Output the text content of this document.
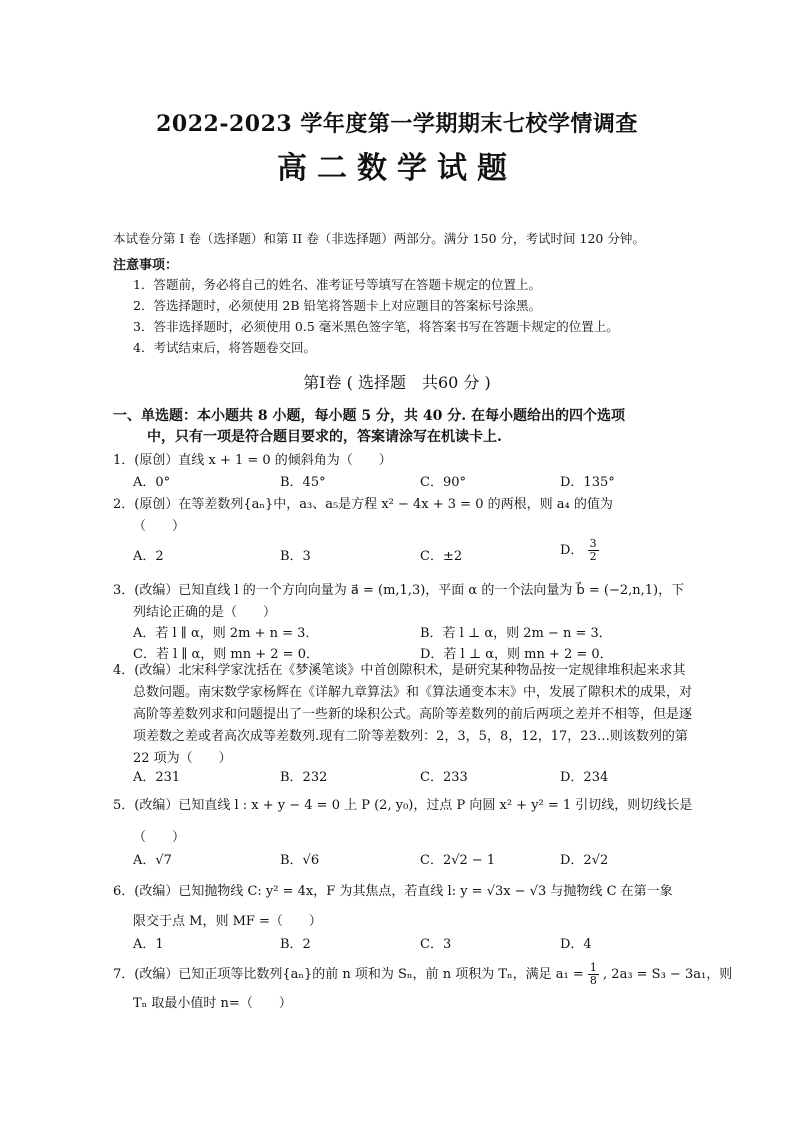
2022-2023 学年度第一学期期末七校学情调查
高二数学试题
本试卷分第 I 卷（选择题）和第 II 卷（非选择题）两部分。满分 150 分，考试时间 120 分钟。
注意事项：
1．答题前，务必将自己的姓名、准考证号等填写在答题卡规定的位置上。
2．答选择题时，必须使用 2B 铅笔将答题卡上对应题目的答案标号涂黑。
3．答非选择题时，必须使用 0.5 毫米黑色签字笔，将答案书写在答题卡规定的位置上。
4．考试结束后，将答题卷交回。
第Ⅰ卷 ( 选择题　共60 分 )
一、单选题：本小题共 8 小题，每小题 5 分，共 40 分. 在每小题给出的四个选项
中，只有一项是符合题目要求的，答案请涂写在机读卡上.
1．(原创）直线 x + 1 = 0 的倾斜角为（　　）
A．0°	B．45°	C．90°	D．135°
2．(原创）在等差数列{aₙ}中，a₃、a₅是方程 x² − 4x + 3 = 0 的两根，则 a₄ 的值为
（　　）
A．2	B．3	C．±2	D． $\frac{3}{2}$
3．(改编）已知直线 l 的一个方向向量为 a⃗ = (m,1,3)，平面 α 的一个法向量为 b⃗ = (−2,n,1)，下
列结论正确的是（　　）
A．若 l ∥ α，则 2m + n = 3．	B．若 l ⊥ α，则 2m − n = 3．
C．若 l ∥ α，则 mn + 2 = 0．	D．若 l ⊥ α，则 mn + 2 = 0．
4．(改编）北宋科学家沈括在《梦溪笔谈》中首创隙积术，是研究某种物品按一定规律堆积起来求其总数问题。南宋数学家杨辉在《详解九章算法》和《算法通变本末》中，发展了隙积术的成果，对高阶等差数列求和问题提出了一些新的垛积公式。高阶等差数列的前后两项之差并不相等，但是逐项差数之差或者高次成等差数列.现有二阶等差数列：2，3，5，8，12，17，23…则该数列的第 22 项为（　　）
A．231	B．232	C．233	D．234
5．(改编）已知直线 l : x + y − 4 = 0 上 P (2, y₀)，过点 P 向圆 x² + y² = 1 引切线，则切线长是
（　　）
A．√7	B．√6	C．2√2 − 1	D．2√2
6．(改编）已知抛物线 C: y² = 4x，F 为其焦点，若直线 l: y = √3x − √3 与抛物线 C 在第一象
限交于点 M，则 MF =（　　）
A．1	B．2	C．3	D．4
7．(改编）已知正项等比数列{aₙ}的前 n 项和为 Sₙ，前 n 项积为 Tₙ，满足 $a_1 = \frac{1}{8}$ , 2a₃ = S₃ − 3a₁，则
Tₙ 取最小值时 n=（　　）
